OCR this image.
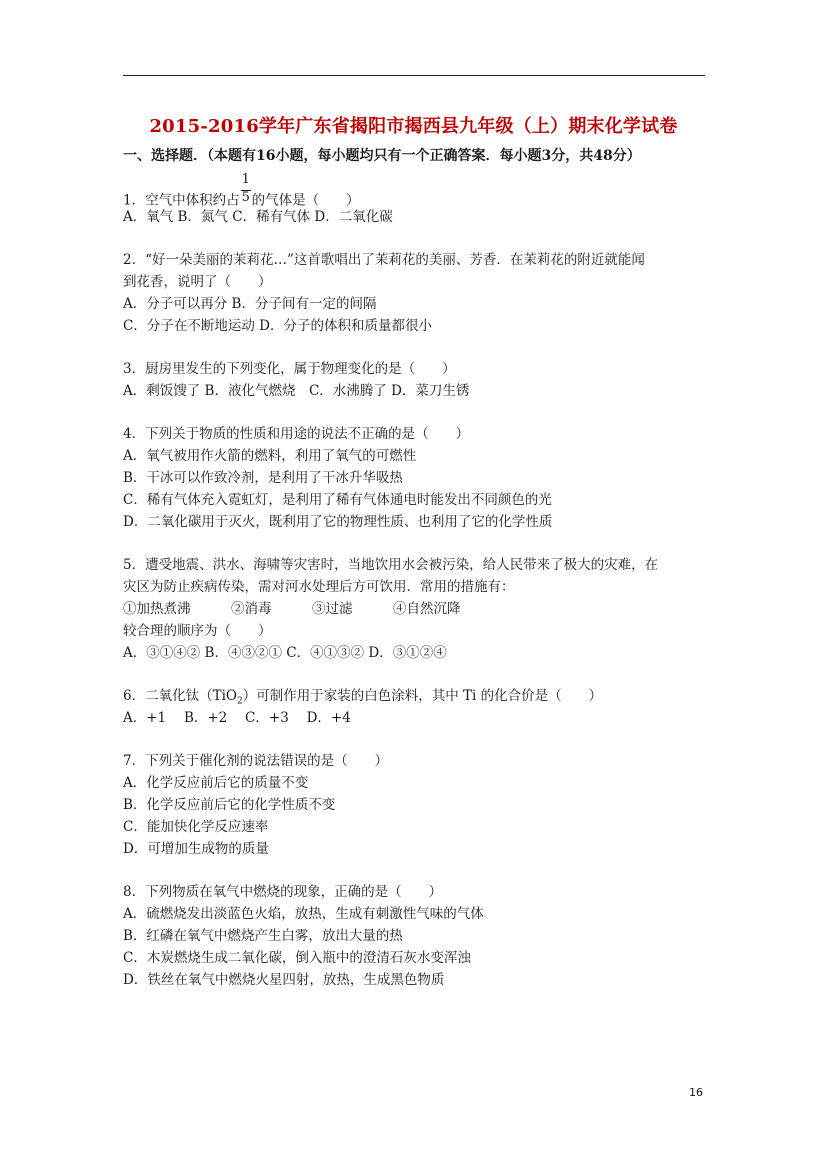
2015-2016学年广东省揭阳市揭西县九年级（上）期末化学试卷
一、选择题．（本题有16小题，每小题均只有一个正确答案．每小题3分，共48分）
1．空气中体积约占 $\frac{1}{5}$ 的气体是（　　）
A．氧气 B．氮气 C．稀有气体 D．二氧化碳
2．“好一朵美丽的茉莉花…”这首歌唱出了茉莉花的美丽、芳香．在茉莉花的附近就能闻
到花香，说明了（　　）
A．分子可以再分 B．分子间有一定的间隔
C．分子在不断地运动 D．分子的体积和质量都很小
3．厨房里发生的下列变化，属于物理变化的是（　　）
A．剩饭馊了 B．液化气燃烧　C．水沸腾了 D．菜刀生锈
4．下列关于物质的性质和用途的说法不正确的是（　　）
A．氧气被用作火箭的燃料，利用了氧气的可燃性
B．干冰可以作致冷剂，是利用了干冰升华吸热
C．稀有气体充入霓虹灯，是利用了稀有气体通电时能发出不同颜色的光
D．二氧化碳用于灭火，既利用了它的物理性质、也利用了它的化学性质
5．遭受地震、洪水、海啸等灾害时，当地饮用水会被污染，给人民带来了极大的灾难，在
灾区为防止疾病传染，需对河水处理后方可饮用．常用的措施有：
①加热煮沸　　　②消毒　　　③过滤　　　④自然沉降
较合理的顺序为（　　）
A．③①④② B．④③②① C．④①③② D．③①②④
6．二氧化钛（TiO$_2$）可制作用于家装的白色涂料，其中 Ti 的化合价是（　　）
A．+1　 B．+2　 C．+3　 D．+4
7．下列关于催化剂的说法错误的是（　　）
A．化学反应前后它的质量不变
B．化学反应前后它的化学性质不变
C．能加快化学反应速率
D．可增加生成物的质量
8．下列物质在氧气中燃烧的现象，正确的是（　　）
A．硫燃烧发出淡蓝色火焰，放热，生成有刺激性气味的气体
B．红磷在氧气中燃烧产生白雾，放出大量的热
C．木炭燃烧生成二氧化碳，倒入瓶中的澄清石灰水变浑浊
D．铁丝在氧气中燃烧火星四射，放热，生成黑色物质
16
